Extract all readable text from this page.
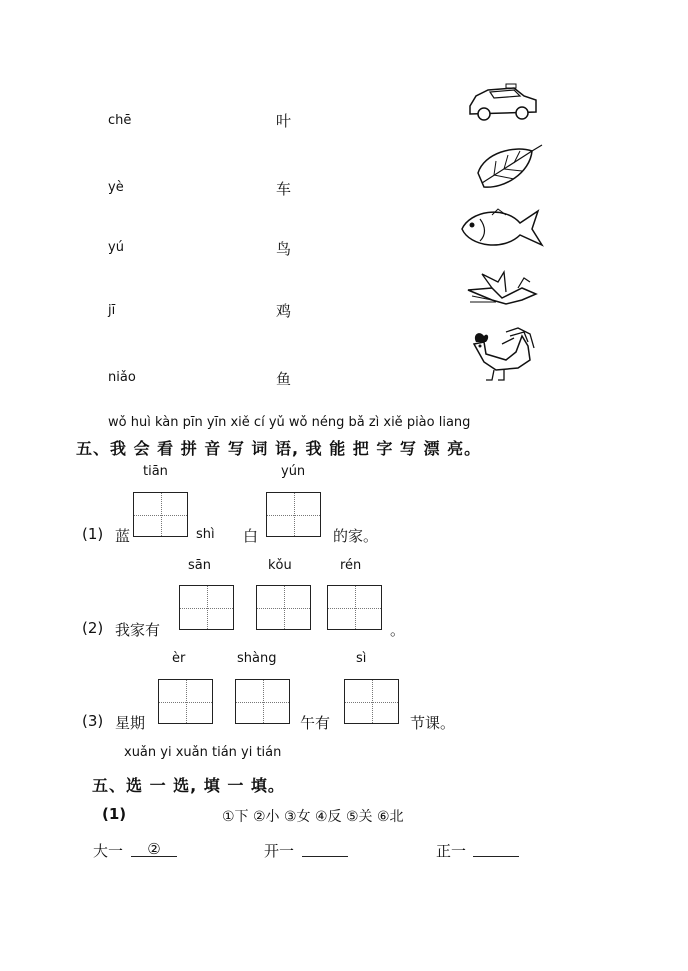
chē
yè
yú
jī
niǎo
叶
车
鸟
鸡
鱼
wǒ huì kàn pīn yīn xiě cí yǔ wǒ néng bǎ zì xiě piào liang
五、我 会 看 拼 音 写 词 语, 我 能 把 字 写 漂 亮。
tiān	yún
(1) 蓝	shì 白	的家。
sān	kǒu	rén
(2) 我家有	。
èr	shàng	sì
(3) 星期	午有	节课。
xuǎn yi xuǎn tián yi tián
五、选 一 选, 填 一 填。
(1)	①下 ②小 ③女 ④反 ⑤关 ⑥北
大一	②	开一	正一
